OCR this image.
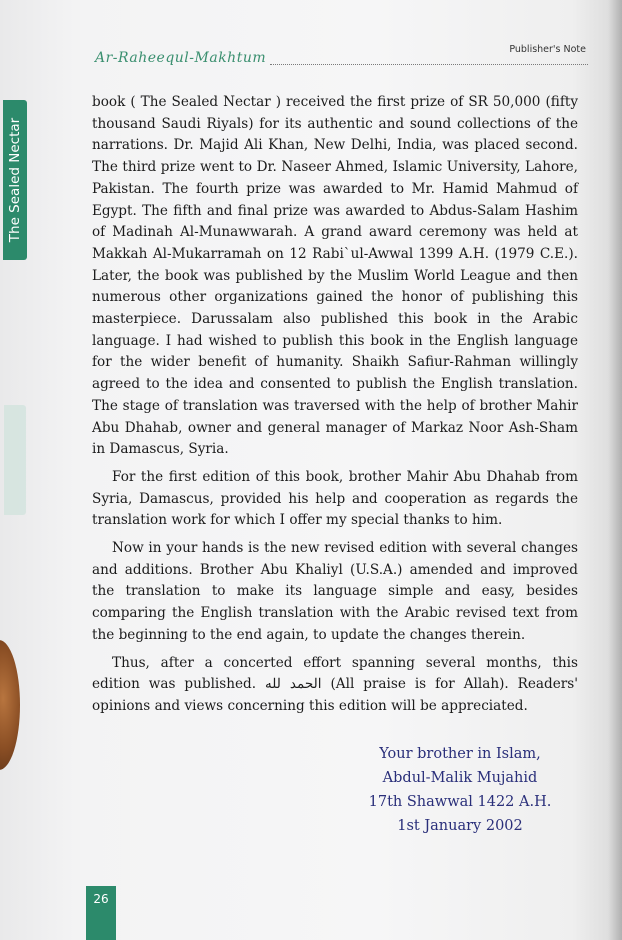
Ar-Raheequl-Makhtum
Publisher's Note
The Sealed Nectar

book ( The Sealed Nectar ) received the first prize of SR 50,000 (fifty thousand Saudi Riyals) for its authentic and sound collections of the narrations. Dr. Majid Ali Khan, New Delhi, India, was placed second. The third prize went to Dr. Naseer Ahmed, Islamic University, Lahore, Pakistan. The fourth prize was awarded to Mr. Hamid Mahmud of Egypt. The fifth and final prize was awarded to Abdus-Salam Hashim of Madinah Al-Munawwarah. A grand award ceremony was held at Makkah Al-Mukarramah on 12 Rabi`ul-Awwal 1399 A.H. (1979 C.E.). Later, the book was published by the Muslim World League and then numerous other organizations gained the honor of publishing this masterpiece. Darussalam also published this book in the Arabic language. I had wished to publish this book in the English language for the wider benefit of humanity. Shaikh Safiur-Rahman willingly agreed to the idea and consented to publish the English translation. The stage of translation was traversed with the help of brother Mahir Abu Dhahab, owner and general manager of Markaz Noor Ash-Sham in Damascus, Syria.

For the first edition of this book, brother Mahir Abu Dhahab from Syria, Damascus, provided his help and cooperation as regards the translation work for which I offer my special thanks to him.

Now in your hands is the new revised edition with several changes and additions. Brother Abu Khaliyl (U.S.A.) amended and improved the translation to make its language simple and easy, besides comparing the English translation with the Arabic revised text from the beginning to the end again, to update the changes therein.

Thus, after a concerted effort spanning several months, this edition was published. الحمد لله (All praise is for Allah). Readers' opinions and views concerning this edition will be appreciated.

Your brother in Islam,
Abdul-Malik Mujahid
17th Shawwal 1422 A.H.
1st January 2002
26
